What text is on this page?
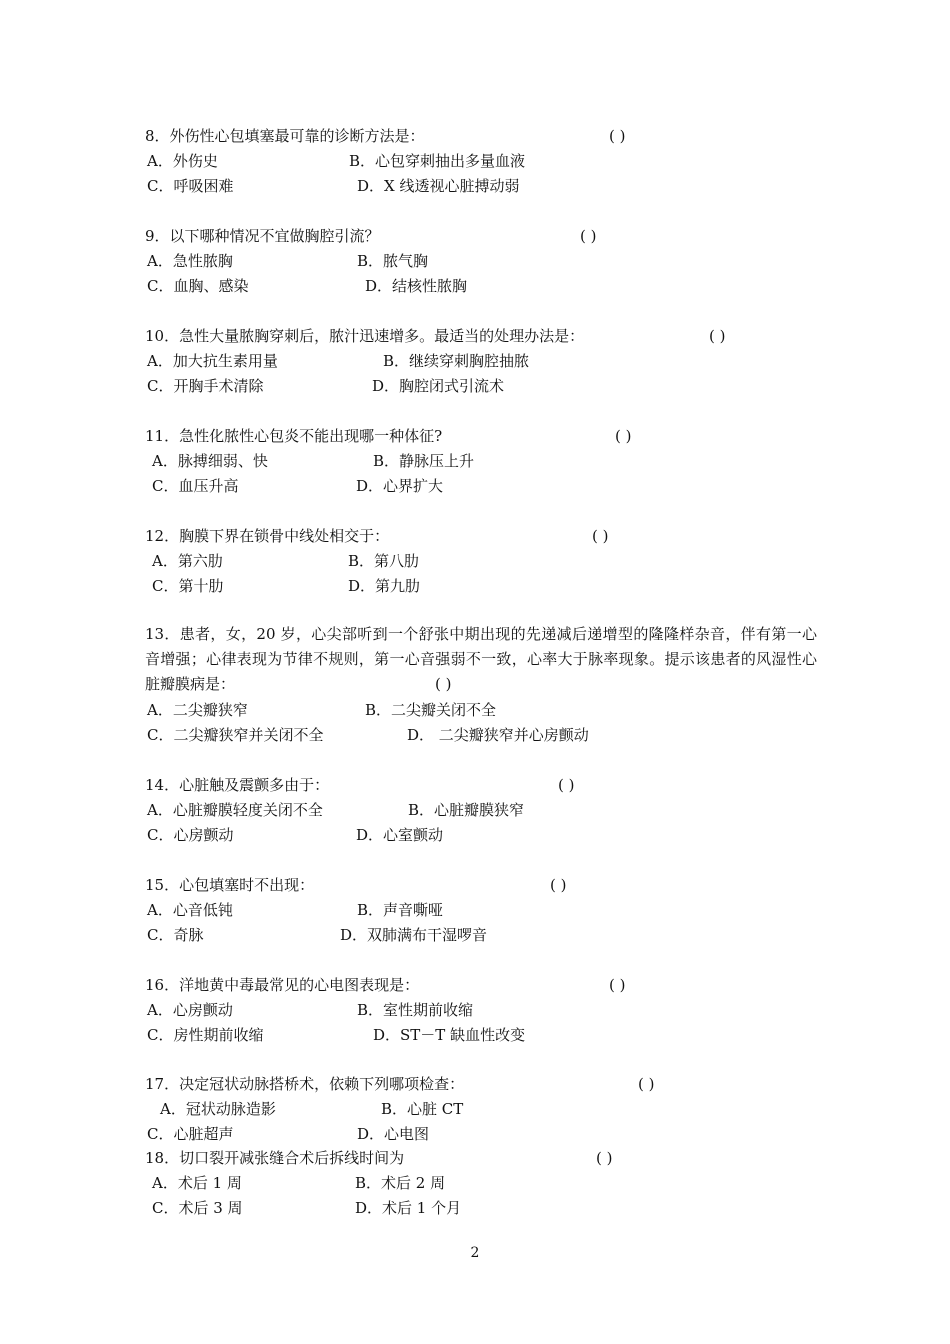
8．外伤性心包填塞最可靠的诊断方法是：	( )
A．外伤史	B．心包穿刺抽出多量血液
C．呼吸困难	D．X 线透视心脏搏动弱
9．以下哪种情况不宜做胸腔引流？	( )
A．急性脓胸	B．脓气胸
C．血胸、感染	D．结核性脓胸
10．急性大量脓胸穿刺后，脓汁迅速增多。最适当的处理办法是：	( )
A．加大抗生素用量	B．继续穿刺胸腔抽脓
C．开胸手术清除	D．胸腔闭式引流术
11．急性化脓性心包炎不能出现哪一种体征?	( )
A．脉搏细弱、快	B．静脉压上升
C．血压升高	D．心界扩大
12．胸膜下界在锁骨中线处相交于：	( )
A．第六肋	B．第八肋
C．第十肋	D．第九肋
13．患者，女，20 岁，心尖部听到一个舒张中期出现的先递减后递增型的隆隆样杂音，伴有第一心音增强；心律表现为节律不规则，第一心音强弱不一致，心率大于脉率现象。提示该患者的风湿性心脏瓣膜病是：	( )
A．二尖瓣狭窄	B．二尖瓣关闭不全
C．二尖瓣狭窄并关闭不全	D． 二尖瓣狭窄并心房颤动
14．心脏触及震颤多由于：	( )
A．心脏瓣膜轻度关闭不全	B．心脏瓣膜狭窄
C．心房颤动	D．心室颤动
15．心包填塞时不出现：	( )
A．心音低钝	B．声音嘶哑
C．奇脉	D．双肺满布干湿啰音
16．洋地黄中毒最常见的心电图表现是：	( )
A．心房颤动	B．室性期前收缩
C．房性期前收缩	D．ST－T 缺血性改变
17．决定冠状动脉搭桥术，依赖下列哪项检查：	( )
A．冠状动脉造影	B．心脏 CT
C．心脏超声	D．心电图
18．切口裂开减张缝合术后拆线时间为	( )
A．术后 1 周	B．术后 2 周
C．术后 3 周	D．术后 1 个月
2
